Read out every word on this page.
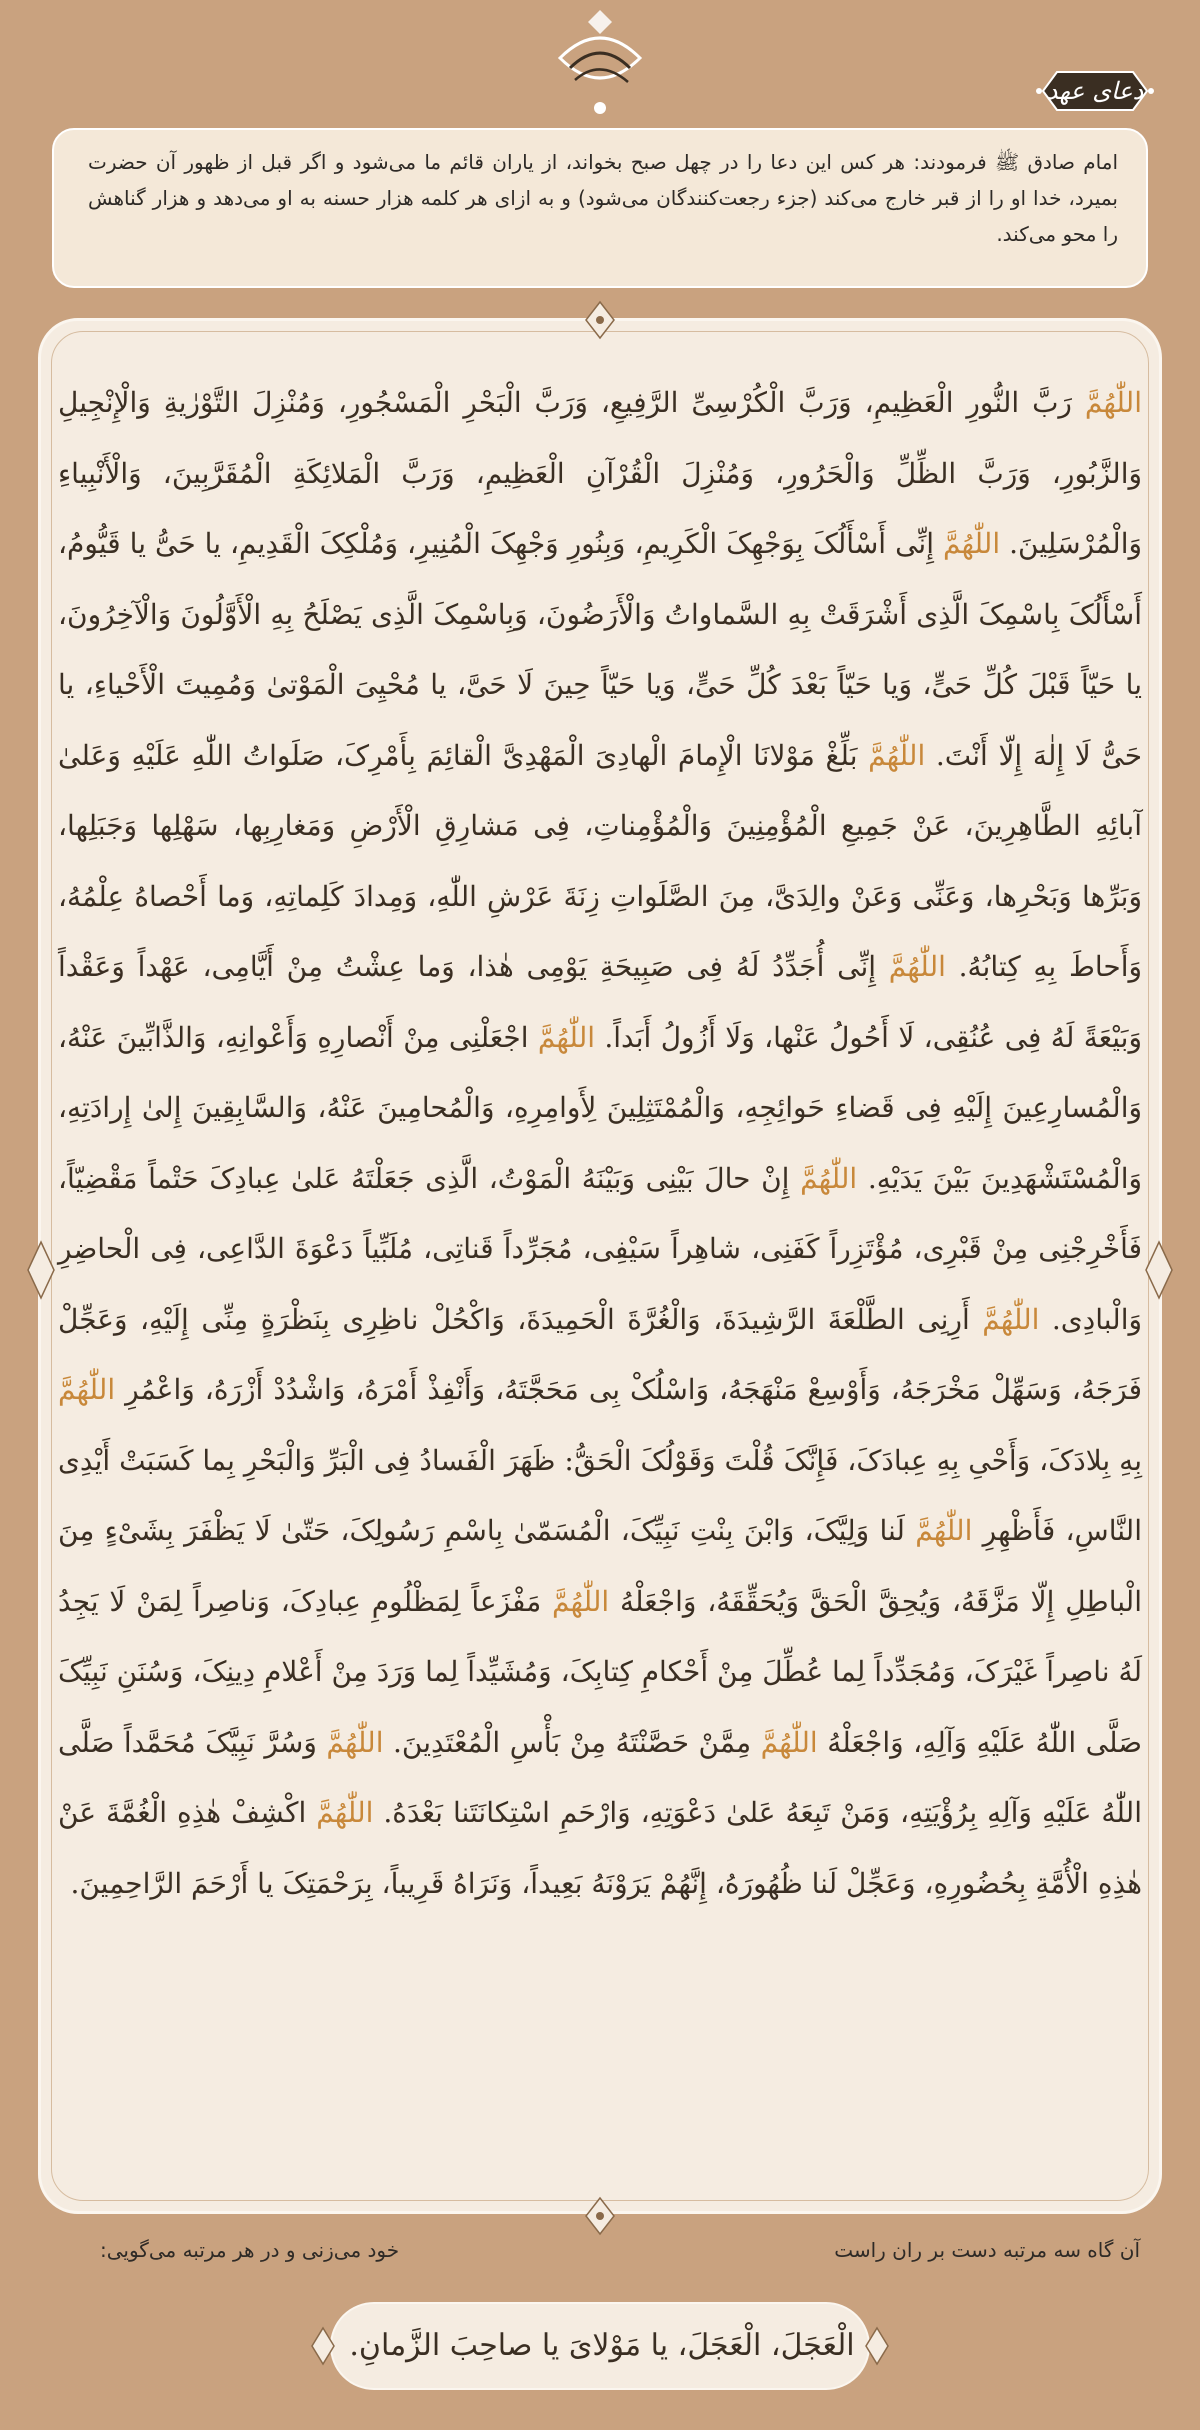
دعای عهد
امام صادق ﷺ فرمودند: هر کس این دعا را در چهل صبح بخواند، از یاران قائم ما می‌شود و اگر قبل از ظهور آن حضرت بمیرد، خدا او را از قبر خارج می‌کند (جزء رجعت‌کنندگان می‌شود) و به ازای هر کلمه هزار حسنه به او می‌دهد و هزار گناهش را محو می‌کند.
اللّٰهُمَّ رَبَّ النُّورِ الْعَظِیمِ، وَرَبَّ الْکُرْسِیِّ الرَّفِیعِ، وَرَبَّ الْبَحْرِ الْمَسْجُورِ، وَمُنْزِلَ التَّوْرٰیةِ وَالْإِنْجِیلِ وَالزَّبُورِ، وَرَبَّ الظِّلِّ وَالْحَرُورِ، وَمُنْزِلَ الْقُرْآنِ الْعَظِیمِ، وَرَبَّ الْمَلائِکَةِ الْمُقَرَّبِینَ، وَالْأَنْبِیاءِ وَالْمُرْسَلِینَ. اللّٰهُمَّ إِنِّی أَسْأَلُکَ بِوَجْهِکَ الْکَرِیمِ، وَبِنُورِ وَجْهِکَ الْمُنِیرِ، وَمُلْکِکَ الْقَدِیمِ، یا حَیُّ یا قَیُّومُ، أَسْأَلُکَ بِاسْمِکَ الَّذِی أَشْرَقَتْ بِهِ السَّماواتُ وَالْأَرَضُونَ، وَبِاسْمِکَ الَّذِی یَصْلَحُ بِهِ الْأَوَّلُونَ وَالْآخِرُونَ، یا حَیّاً قَبْلَ کُلِّ حَیٍّ، وَیا حَیّاً بَعْدَ کُلِّ حَیٍّ، وَیا حَیّاً حِینَ لَا حَیَّ، یا مُحْیِیَ الْمَوْتیٰ وَمُمِیتَ الْأَحْیاءِ، یا حَیُّ لَا إِلٰهَ إِلّا أَنْتَ. اللّٰهُمَّ بَلِّغْ مَوْلانَا الْإِمامَ الْهادِیَ الْمَهْدِیَّ الْقائِمَ بِأَمْرِکَ، صَلَواتُ اللّٰهِ عَلَیْهِ وَعَلیٰ آبائِهِ الطَّاهِرِینَ، عَنْ جَمِیعِ الْمُؤْمِنِینَ وَالْمُؤْمِناتِ، فِی مَشارِقِ الْأَرْضِ وَمَغارِبِها، سَهْلِها وَجَبَلِها، وَبَرِّها وَبَحْرِها، وَعَنِّی وَعَنْ والِدَیَّ، مِنَ الصَّلَواتِ زِنَةَ عَرْشِ اللّٰهِ، وَمِدادَ کَلِماتِهِ، وَما أَحْصاهُ عِلْمُهُ، وَأَحاطَ بِهِ کِتابُهُ. اللّٰهُمَّ إِنِّی أُجَدِّدُ لَهُ فِی صَبِیحَةِ یَوْمِی هٰذا، وَما عِشْتُ مِنْ أَیَّامِی، عَهْداً وَعَقْداً وَبَیْعَةً لَهُ فِی عُنُقِی، لَا أَحُولُ عَنْها، وَلَا أَزُولُ أَبَداً. اللّٰهُمَّ اجْعَلْنِی مِنْ أَنْصارِهِ وَأَعْوانِهِ، وَالذَّابِّینَ عَنْهُ، وَالْمُسارِعِینَ إِلَیْهِ فِی قَضاءِ حَوائِجِهِ، وَالْمُمْتَثِلِینَ لِأَوامِرِهِ، وَالْمُحامِینَ عَنْهُ، وَالسَّابِقِینَ إِلیٰ إِرادَتِهِ، وَالْمُسْتَشْهَدِینَ بَیْنَ یَدَیْهِ. اللّٰهُمَّ إِنْ حالَ بَیْنِی وَبَیْنَهُ الْمَوْتُ، الَّذِی جَعَلْتَهُ عَلیٰ عِبادِکَ حَتْماً مَقْضِیّاً، فَأَخْرِجْنِی مِنْ قَبْرِی، مُؤْتَزِراً کَفَنِی، شاهِراً سَیْفِی، مُجَرِّداً قَناتِی، مُلَبِّیاً دَعْوَةَ الدَّاعِی، فِی الْحاضِرِ وَالْبادِی. اللّٰهُمَّ أَرِنِی الطَّلْعَةَ الرَّشِیدَةَ، وَالْغُرَّةَ الْحَمِیدَةَ، وَاکْحُلْ ناظِرِی بِنَظْرَةٍ مِنِّی إِلَیْهِ، وَعَجِّلْ فَرَجَهُ، وَسَهِّلْ مَخْرَجَهُ، وَأَوْسِعْ مَنْهَجَهُ، وَاسْلُکْ بِی مَحَجَّتَهُ، وَأَنْفِذْ أَمْرَهُ، وَاشْدُدْ أَزْرَهُ، وَاعْمُرِ اللّٰهُمَّ بِهِ بِلادَکَ، وَأَحْیِ بِهِ عِبادَکَ، فَإِنَّکَ قُلْتَ وَقَوْلُکَ الْحَقُّ: ظَهَرَ الْفَسادُ فِی الْبَرِّ وَالْبَحْرِ بِما کَسَبَتْ أَیْدِی النَّاسِ، فَأَظْهِرِ اللّٰهُمَّ لَنا وَلِیَّکَ، وَابْنَ بِنْتِ نَبِیِّکَ، الْمُسَمّیٰ بِاسْمِ رَسُولِکَ، حَتّیٰ لَا یَظْفَرَ بِشَیْءٍ مِنَ الْباطِلِ إِلّا مَزَّقَهُ، وَیُحِقَّ الْحَقَّ وَیُحَقِّقَهُ، وَاجْعَلْهُ اللّٰهُمَّ مَفْزَعاً لِمَظْلُومِ عِبادِکَ، وَناصِراً لِمَنْ لَا یَجِدُ لَهُ ناصِراً غَیْرَکَ، وَمُجَدِّداً لِما عُطِّلَ مِنْ أَحْکامِ کِتابِکَ، وَمُشَیِّداً لِما وَرَدَ مِنْ أَعْلامِ دِینِکَ، وَسُنَنِ نَبِیِّکَ صَلَّی اللّٰهُ عَلَیْهِ وَآلِهِ، وَاجْعَلْهُ اللّٰهُمَّ مِمَّنْ حَصَّنْتَهُ مِنْ بَأْسِ الْمُعْتَدِینَ. اللّٰهُمَّ وَسُرَّ نَبِیَّکَ مُحَمَّداً صَلَّی اللّٰهُ عَلَیْهِ وَآلِهِ بِرُؤْیَتِهِ، وَمَنْ تَبِعَهُ عَلیٰ دَعْوَتِهِ، وَارْحَمِ اسْتِکانَتَنا بَعْدَهُ. اللّٰهُمَّ اکْشِفْ هٰذِهِ الْغُمَّةَ عَنْ هٰذِهِ الْأُمَّةِ بِحُضُورِهِ، وَعَجِّلْ لَنا ظُهُورَهُ، إِنَّهُمْ یَرَوْنَهُ بَعِیداً، وَنَرَاهُ قَرِیباً، بِرَحْمَتِکَ یا أَرْحَمَ الرَّاحِمِینَ.
آن گاه سه مرتبه دست بر ران راست
خود می‌زنی و در هر مرتبه می‌گویی:
الْعَجَلَ، الْعَجَلَ، یا مَوْلایَ یا صاحِبَ الزَّمانِ.
